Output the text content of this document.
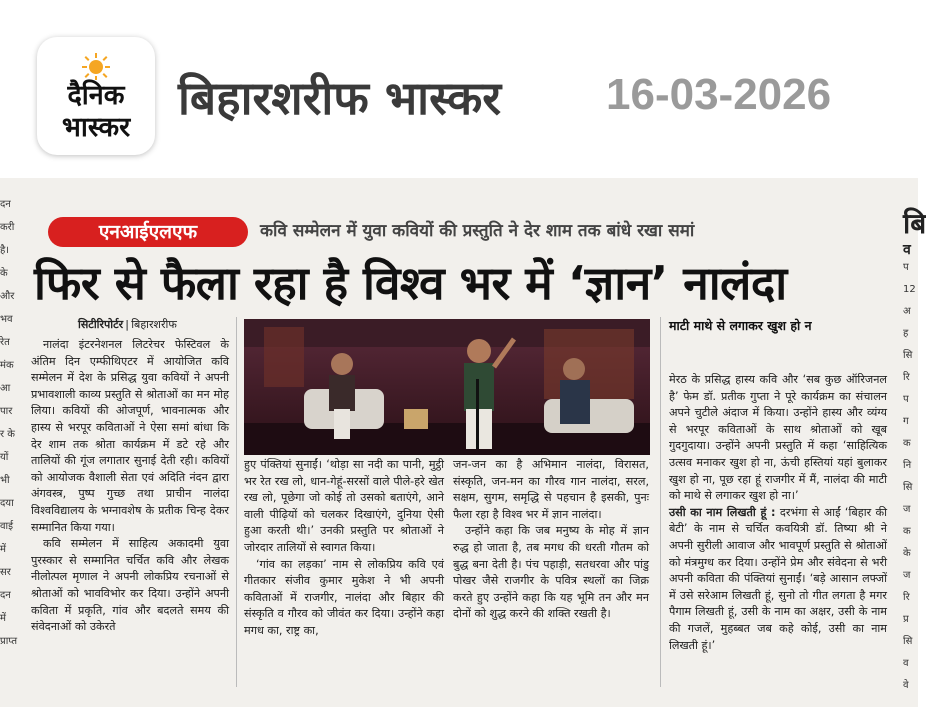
दैनिक
भास्कर
बिहारशरीफ भास्कर 16-03-2026
दन
करी
है।
के
और
भव
रेत
मंक
आ
पार
र के
यों
भी
दया
वाई
में
सर
दन
में
प्राप्त
बि
व
प
12
अ
ह
सि
रि
प
ग
क
नि
सि
ज
क
के
ज
रि
प्र
सि
व
वे
एनआईएलएफ	कवि सम्मेलन में युवा कवियों की प्रस्तुति ने देर शाम तक बांधे रखा समां
फिर से फैला रहा है विश्व भर में ‘ज्ञान’ नालंदा
सिटीरिपोर्टर | बिहारशरीफ

नालंदा इंटरनेशनल लिटरेचर फेस्टिवल के अंतिम दिन एम्फीथिएटर में आयोजित कवि सम्मेलन में देश के प्रसिद्ध युवा कवियों ने अपनी प्रभावशाली काव्य प्रस्तुति से श्रोताओं का मन मोह लिया। कवियों की ओजपूर्ण, भावनात्मक और हास्य से भरपूर कविताओं ने ऐसा समां बांधा कि देर शाम तक श्रोता कार्यक्रम में डटे रहे और तालियों की गूंज लगातार सुनाई देती रही। कवियों को आयोजक वैशाली सेता एवं अदिति नंदन द्वारा अंगवस्त्र, पुष्प गुच्छ तथा प्राचीन नालंदा विश्वविद्यालय के भग्नावशेष के प्रतीक चिन्ह देकर सम्मानित किया गया।

कवि सम्मेलन में साहित्य अकादमी युवा पुरस्कार से सम्मानित चर्चित कवि और लेखक नीलोत्पल मृणाल ने अपनी लोकप्रिय रचनाओं से श्रोताओं को भावविभोर कर दिया। उन्होंने अपनी कविता में प्रकृति, गांव और बदलते समय की संवेदनाओं को उकेरते

हुए पंक्तियां सुनाईं। ‘थोड़ा सा नदी का पानी, मुट्ठी भर रेत रख लो, धान-गेहूं-सरसों वाले पीले-हरे खेत रख लो, पूछेगा जो कोई तो उसको बताएंगे, आने वाली पीढ़ियों को चलकर दिखाएंगे, दुनिया ऐसी हुआ करती थी।’ उनकी प्रस्तुति पर श्रोताओं ने जोरदार तालियों से स्वागत किया।

‘गांव का लड़का’ नाम से लोकप्रिय कवि एवं गीतकार संजीव कुमार मुकेश ने भी अपनी कविताओं में राजगीर, नालंदा और बिहार की संस्कृति व गौरव को जीवंत कर दिया। उन्होंने कहा मगध का, राष्ट्र का,

जन-जन का है अभिमान नालंदा, विरासत, संस्कृति, जन-मन का गौरव गान नालंदा, सरल, सक्षम, सुगम, समृद्धि से पहचान है इसकी, पुनः फैला रहा है विश्व भर में ज्ञान नालंदा।

उन्होंने कहा कि जब मनुष्य के मोह में ज्ञान रुद्ध हो जाता है, तब मगध की धरती गौतम को बुद्ध बना देती है। पंच पहाड़ी, सतधरवा और पांडु पोखर जैसे राजगीर के पवित्र स्थलों का जिक्र करते हुए उन्होंने कहा कि यह भूमि तन और मन दोनों को शुद्ध करने की शक्ति रखती है।

माटी माथे से लगाकर खुश हो न

मेरठ के प्रसिद्ध हास्य कवि और ‘सब कुछ ऑरिजनल है’ फेम डॉ. प्रतीक गुप्ता ने पूरे कार्यक्रम का संचालन अपने चुटीले अंदाज में किया। उन्होंने हास्य और व्यंग्य से भरपूर कविताओं के साथ श्रोताओं को खूब गुदगुदाया। उन्होंने अपनी प्रस्तुति में कहा ‘साहित्यिक उत्सव मनाकर खुश हो ना, ऊंची हस्तियां यहां बुलाकर खुश हो ना, पूछ रहा हूं राजगीर में मैं, नालंदा की माटी को माथे से लगाकर खुश हो ना।’

उसी का नाम लिखती हूं : दरभंगा से आईं ‘बिहार की बेटी’ के नाम से चर्चित कवयित्री डॉ. तिष्या श्री ने अपनी सुरीली आवाज और भावपूर्ण प्रस्तुति से श्रोताओं को मंत्रमुग्ध कर दिया। उन्होंने प्रेम और संवेदना से भरी अपनी कविता की पंक्तियां सुनाईं। ‘बड़े आसान लफ्जों में उसे सरेआम लिखती हूं, सुनो तो गीत लगता है मगर पैगाम लिखती हूं, उसी के नाम का अक्षर, उसी के नाम की गजलें, मुहब्बत जब कहे कोई, उसी का नाम लिखती हूं।’
